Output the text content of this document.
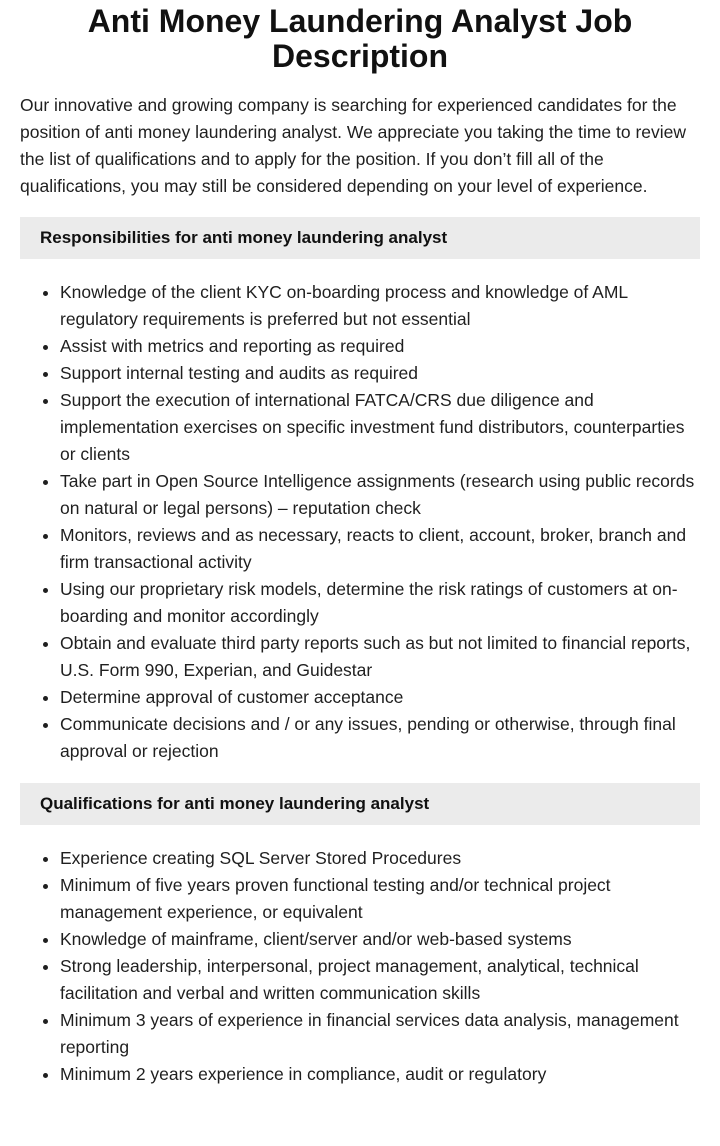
Anti Money Laundering Analyst Job Description

Our innovative and growing company is searching for experienced candidates for the position of anti money laundering analyst. We appreciate you taking the time to review the list of qualifications and to apply for the position. If you don’t fill all of the qualifications, you may still be considered depending on your level of experience.

Responsibilities for anti money laundering analyst
• Knowledge of the client KYC on-boarding process and knowledge of AML regulatory requirements is preferred but not essential
• Assist with metrics and reporting as required
• Support internal testing and audits as required
• Support the execution of international FATCA/CRS due diligence and implementation exercises on specific investment fund distributors, counterparties or clients
• Take part in Open Source Intelligence assignments (research using public records on natural or legal persons) – reputation check
• Monitors, reviews and as necessary, reacts to client, account, broker, branch and firm transactional activity
• Using our proprietary risk models, determine the risk ratings of customers at on-boarding and monitor accordingly
• Obtain and evaluate third party reports such as but not limited to financial reports, U.S. Form 990, Experian, and Guidestar
• Determine approval of customer acceptance
• Communicate decisions and / or any issues, pending or otherwise, through final approval or rejection
Qualifications for anti money laundering analyst
• Experience creating SQL Server Stored Procedures
• Minimum of five years proven functional testing and/or technical project management experience, or equivalent
• Knowledge of mainframe, client/server and/or web-based systems
• Strong leadership, interpersonal, project management, analytical, technical facilitation and verbal and written communication skills
• Minimum 3 years of experience in financial services data analysis, management reporting
• Minimum 2 years experience in compliance, audit or regulatory
